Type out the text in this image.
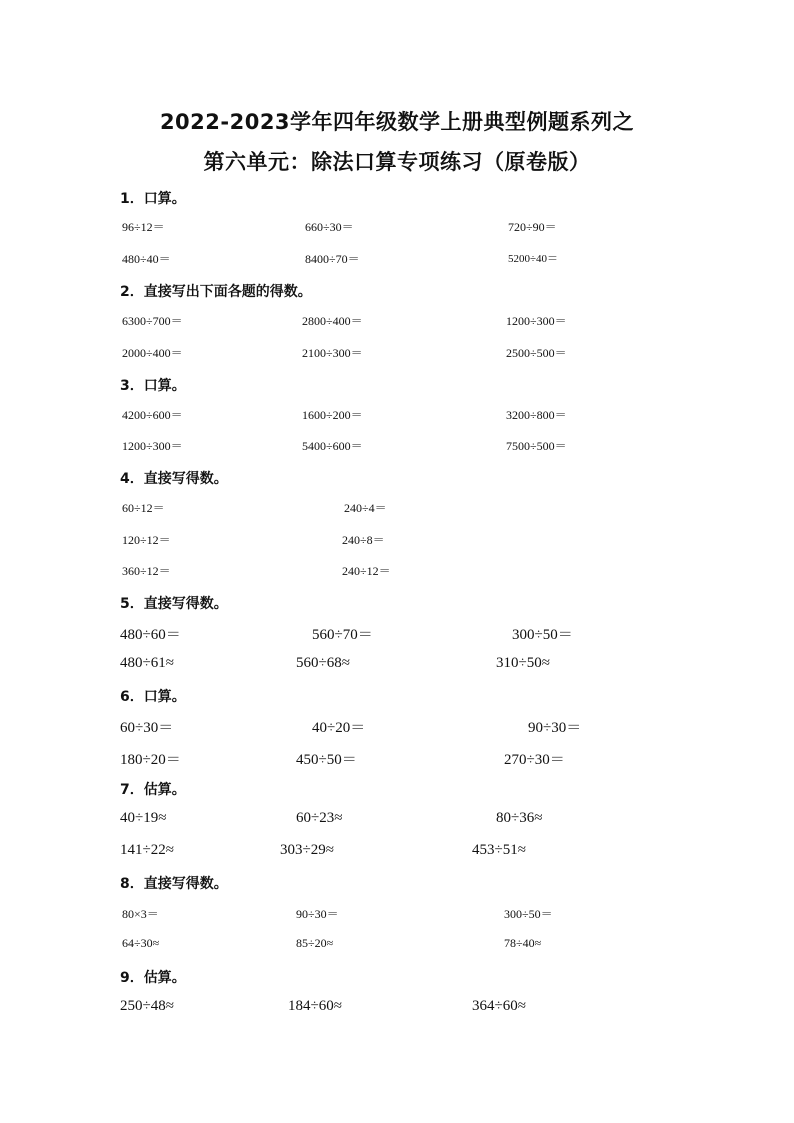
2022-2023学年四年级数学上册典型例题系列之
第六单元：除法口算专项练习（原卷版）
1．口算。
96÷12＝	660÷30＝	720÷90＝
480÷40＝	8400÷70＝	5200÷40＝
2．直接写出下面各题的得数。
6300÷700＝	2800÷400＝	1200÷300＝
2000÷400＝	2100÷300＝	2500÷500＝
3．口算。
4200÷600＝	1600÷200＝	3200÷800＝
1200÷300＝	5400÷600＝	7500÷500＝
4．直接写得数。
60÷12＝	240÷4＝
120÷12＝	240÷8＝
360÷12＝	240÷12＝
5．直接写得数。
480÷60＝	560÷70＝	300÷50＝
480÷61≈	560÷68≈	310÷50≈
6．口算。
60÷30＝	40÷20＝	90÷30＝
180÷20＝	450÷50＝	270÷30＝
7．估算。
40÷19≈	60÷23≈	80÷36≈
141÷22≈	303÷29≈	453÷51≈
8．直接写得数。
80×3＝	90÷30＝	300÷50＝
64÷30≈	85÷20≈	78÷40≈
9．估算。
250÷48≈	184÷60≈	364÷60≈
